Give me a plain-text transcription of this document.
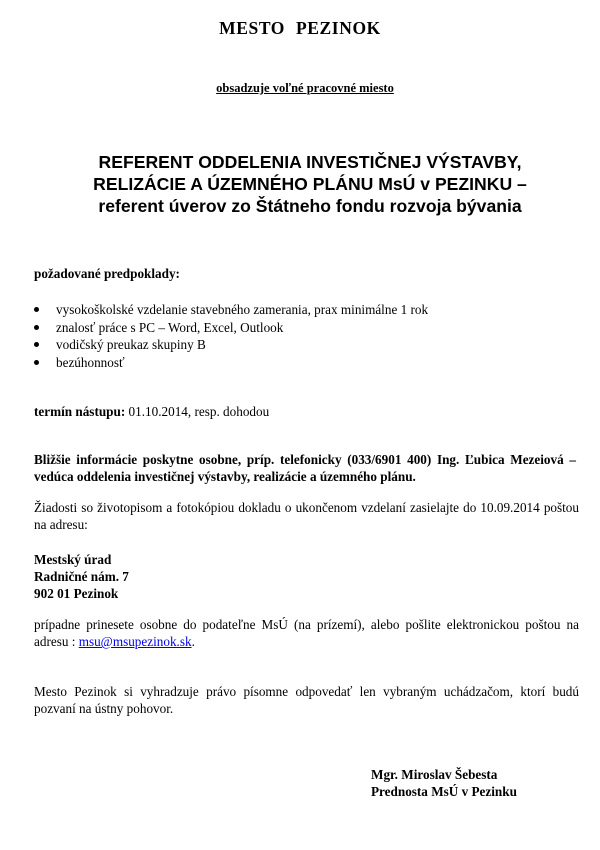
MESTO PEZINOK

obsadzuje voľné pracovné miesto

REFERENT ODDELENIA INVESTIČNEJ VÝSTAVBY,
RELIZÁCIE A ÚZEMNÉHO PLÁNU MsÚ v PEZINKU –
referent úverov zo Štátneho fondu rozvoja bývania

požadované predpoklady:

vysokoškolské vzdelanie stavebného zamerania, prax minimálne 1 rok
znalosť práce s PC – Word, Excel, Outlook
vodičský preukaz skupiny B
bezúhonnosť

termín nástupu: 01.10.2014, resp. dohodou

Bližšie informácie poskytne osobne, príp. telefonicky (033/6901 400) Ing. Ľubica Mezeiová – vedúca oddelenia investičnej výstavby, realizácie a územného plánu.

Žiadosti so životopisom a fotokópiou dokladu o ukončenom vzdelaní zasielajte do 10.09.2014 poštou na adresu:

Mestský úrad
Radničné nám. 7
902 01 Pezinok

prípadne prinesete osobne do podateľne MsÚ (na prízemí), alebo pošlite elektronickou poštou na adresu : msu@msupezinok.sk.

Mesto Pezinok si vyhradzuje právo písomne odpovedať len vybraným uchádzačom, ktorí budú pozvaní na ústny pohovor.

Mgr. Miroslav Šebesta
Prednosta MsÚ v Pezinku
